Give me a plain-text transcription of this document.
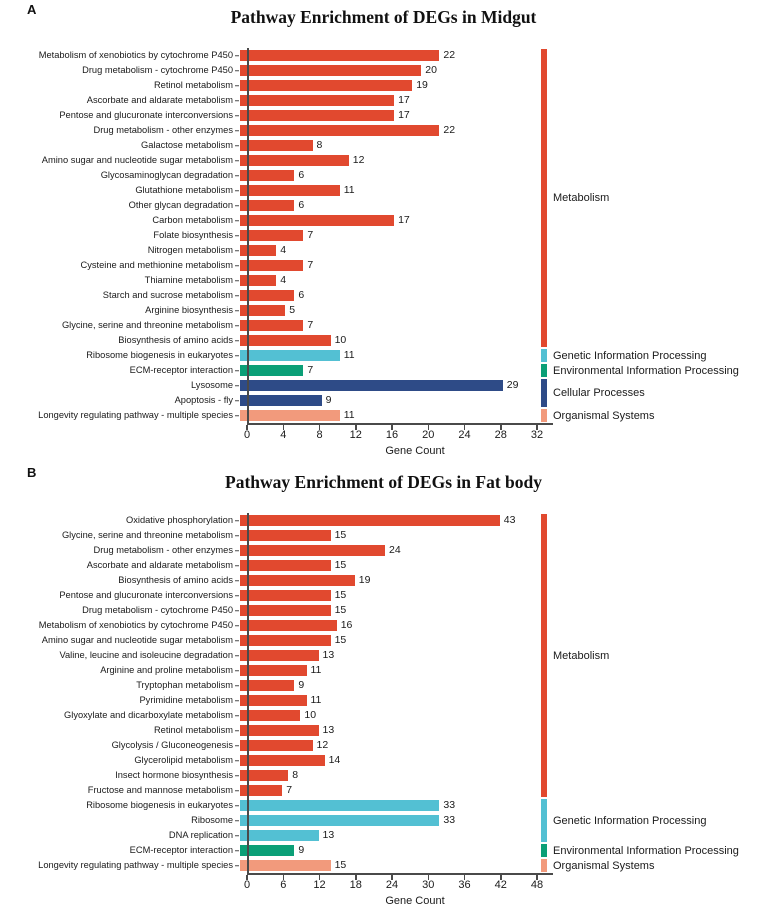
A	Pathway Enrichment of DEGs in Midgut
Metabolism of xenobiotics by cytochrome P450	22
Drug metabolism - cytochrome P450	20
Retinol metabolism	19
Ascorbate and aldarate metabolism	17
Pentose and glucuronate interconversions	17
Drug metabolism - other enzymes	22
Galactose metabolism	8
Amino sugar and nucleotide sugar metabolism	12
Glycosaminoglycan degradation	6
Glutathione metabolism	11
Other glycan degradation	6
Carbon metabolism	17
Folate biosynthesis	7
Nitrogen metabolism	4
Cysteine and methionine metabolism	7
Thiamine metabolism	4
Starch and sucrose metabolism	6
Arginine biosynthesis	5
Glycine, serine and threonine metabolism	7
Biosynthesis of amino acids	10
Ribosome biogenesis in eukaryotes	11
ECM-receptor interaction	7
Lysosome	29
Apoptosis - fly	9
Longevity regulating pathway - multiple species	11
0	4	8 12 16 20 24 28 32
Gene Count
Metabolism
Genetic Information Processing
Environmental Information Processing
Cellular Processes
Organismal Systems
B	Pathway Enrichment of DEGs in Fat body
Oxidative phosphorylation	43
Glycine, serine and threonine metabolism	15
Drug metabolism - other enzymes	24
Ascorbate and aldarate metabolism	15
Biosynthesis of amino acids	19
Pentose and glucuronate interconversions	15
Drug metabolism - cytochrome P450	15
Metabolism of xenobiotics by cytochrome P450	16
Amino sugar and nucleotide sugar metabolism	15
Valine, leucine and isoleucine degradation	13
Arginine and proline metabolism	11
Tryptophan metabolism	9
Pyrimidine metabolism	11
Glyoxylate and dicarboxylate metabolism	10
Retinol metabolism	13
Glycolysis / Gluconeogenesis	12
Glycerolipid metabolism	14
Insect hormone biosynthesis	8
Fructose and mannose metabolism	7
Ribosome biogenesis in eukaryotes	33
Ribosome	33
DNA replication	13
ECM-receptor interaction	9
Longevity regulating pathway - multiple species	15
0	6 12 18 24 30 36 42 48
Gene Count
Metabolism
Genetic Information Processing
Environmental Information Processing
Organismal Systems
